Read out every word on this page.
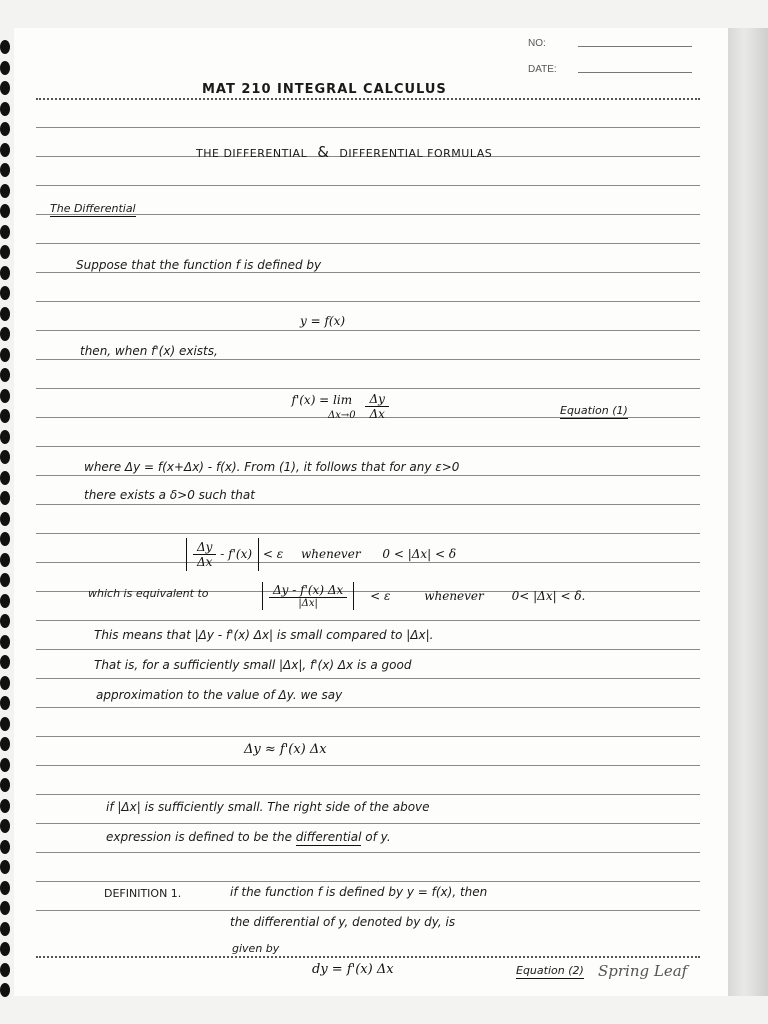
NO:
DATE:
MAT 210 INTEGRAL CALCULUS
THE DIFFERENTIAL & DIFFERENTIAL FORMULAS
The Differential
Suppose that the function f is defined by
y = f(x)
then, when f'(x) exists,
f'(x) = lim
$\Delta x\to 0 \frac{\Delta y}{\Delta x}$	Equation (1)
where Δy = f(x+Δx) - f(x). From (1), it follows that for any ε>0
there exists a δ>0 such that
$\frac{\Delta y}{\Delta x} - f'(x) < \varepsilon$ whenever 0 < |Δx| < δ
which is equivalent to	$\frac{\Delta y - f'(x) \Delta x}{|\Delta x|} < \varepsilon$	whenever 0< |Δx| < δ.
This means that |Δy - f'(x) Δx| is small compared to |Δx|.
That is, for a sufficiently small |Δx|, f'(x) Δx is a good
approximation to the value of Δy. we say
Δy ≈ f'(x) Δx
if |Δx| is sufficiently small. The right side of the above
expression is defined to be the differential of y.
DEFINITION 1.	if the function f is defined by y = f(x), then
the differential of y, denoted by dy, is
given by
dy = f'(x) Δx	Equation (2) Spring Leaf
